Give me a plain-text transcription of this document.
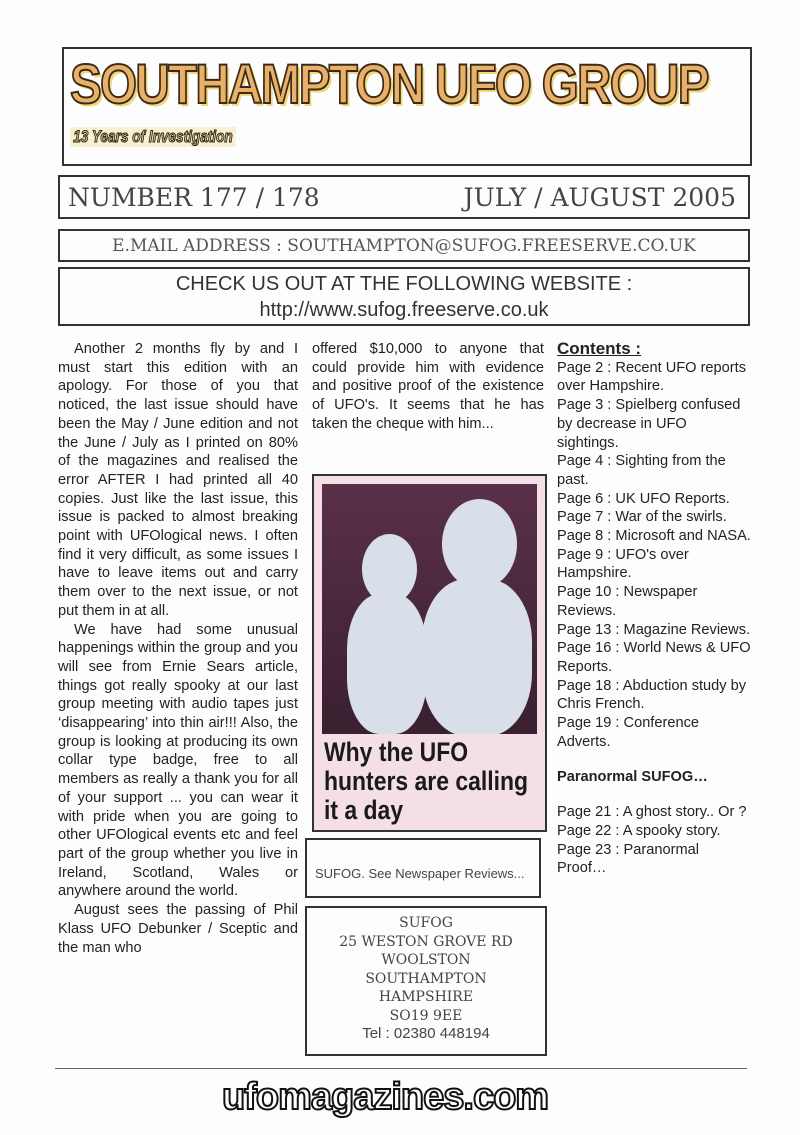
SOUTHAMPTON UFO GROUP
13 Years of Investigation
NUMBER 177 / 178	JULY / AUGUST 2005
E.MAIL ADDRESS : SOUTHAMPTON@SUFOG.FREESERVE.CO.UK
CHECK US OUT AT THE FOLLOWING WEBSITE :
http://www.sufog.freeserve.co.uk

Another 2 months fly by and I must start this edition with an apology. For those of you that noticed, the last issue should have been the May / June edition and not the June / July as I printed on 80% of the magazines and realised the error AFTER I had printed all 40 copies. Just like the last issue, this issue is packed to almost breaking point with UFOlogical news. I often find it very difficult, as some issues I have to leave items out and carry them over to the next issue, or not put them in at all.

We have had some unusual happenings within the group and you will see from Ernie Sears article, things got really spooky at our last group meeting with audio tapes just ‘disappearing’ into thin air!!! Also, the group is looking at producing its own collar type badge, free to all members as really a thank you for all of your support ... you can wear it with pride when you are going to other UFOlogical events etc and feel part of the group whether you live in Ireland, Scotland, Wales or anywhere around the world.

August sees the passing of Phil Klass UFO Debunker / Sceptic and the man who

offered $10,000 to anyone that could provide him with evidence and positive proof of the existence of UFO's. It seems that he has taken the cheque with him...

Why the UFO hunters are calling it a day
SUFOG. See Newspaper Reviews...
SUFOG
25 WESTON GROVE RD
WOOLSTON
SOUTHAMPTON
HAMPSHIRE
SO19 9EE
Tel : 02380 448194
Contents :
Page 2 : Recent UFO reports over Hampshire.
Page 3 : Spielberg confused by decrease in UFO sightings.
Page 4 : Sighting from the past.
Page 6 : UK UFO Reports.
Page 7 : War of the swirls.
Page 8 : Microsoft and NASA.
Page 9 : UFO's over Hampshire.
Page 10 : Newspaper Reviews.
Page 13 : Magazine Reviews.
Page 16 : World News & UFO Reports.
Page 18 : Abduction study by Chris French.
Page 19 : Conference Adverts.
Paranormal SUFOG…
Page 21 : A ghost story.. Or ?
Page 22 : A spooky story.
Page 23 : Paranormal Proof…
ufomagazines.com
